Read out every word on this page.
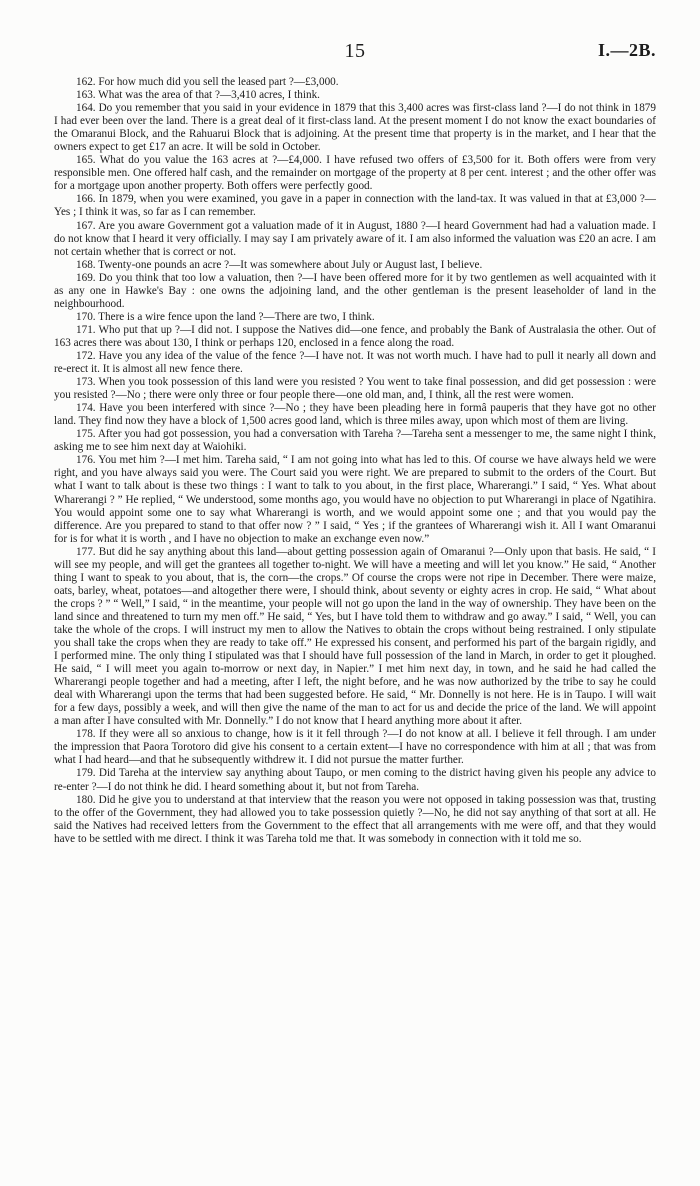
15	I.—2B.

162. For how much did you sell the leased part ?—£3,000.

163. What was the area of that ?—3,410 acres, I think.

164. Do you remember that you said in your evidence in 1879 that this 3,400 acres was first-class land ?—I do not think in 1879 I had ever been over the land. There is a great deal of it first-class land. At the present moment I do not know the exact boundaries of the Omaranui Block, and the Rahuarui Block that is adjoining. At the present time that property is in the market, and I hear that the owners expect to get £17 an acre. It will be sold in October.

165. What do you value the 163 acres at ?—£4,000. I have refused two offers of £3,500 for it. Both offers were from very responsible men. One offered half cash, and the remainder on mortgage of the property at 8 per cent. interest ; and the other offer was for a mortgage upon another property. Both offers were perfectly good.

166. In 1879, when you were examined, you gave in a paper in connection with the land-tax. It was valued in that at £3,000 ?—Yes ; I think it was, so far as I can remember.

167. Are you aware Government got a valuation made of it in August, 1880 ?—I heard Government had had a valuation made. I do not know that I heard it very officially. I may say I am privately aware of it. I am also informed the valuation was £20 an acre. I am not certain whether that is correct or not.

168. Twenty-one pounds an acre ?—It was somewhere about July or August last, I believe.

169. Do you think that too low a valuation, then ?—I have been offered more for it by two gentlemen as well acquainted with it as any one in Hawke's Bay : one owns the adjoining land, and the other gentleman is the present leaseholder of land in the neighbourhood.

170. There is a wire fence upon the land ?—There are two, I think.

171. Who put that up ?—I did not. I suppose the Natives did—one fence, and probably the Bank of Australasia the other. Out of 163 acres there was about 130, I think or perhaps 120, enclosed in a fence along the road.

172. Have you any idea of the value of the fence ?—I have not. It was not worth much. I have had to pull it nearly all down and re-erect it. It is almost all new fence there.

173. When you took possession of this land were you resisted ? You went to take final possession, and did get possession : were you resisted ?—No ; there were only three or four people there—one old man, and, I think, all the rest were women.

174. Have you been interfered with since ?—No ; they have been pleading here in formâ pauperis that they have got no other land. They find now they have a block of 1,500 acres good land, which is three miles away, upon which most of them are living.

175. After you had got possession, you had a conversation with Tareha ?—Tareha sent a messenger to me, the same night I think, asking me to see him next day at Waiohiki.

176. You met him ?—I met him. Tareha said, “ I am not going into what has led to this. Of course we have always held we were right, and you have always said you were. The Court said you were right. We are prepared to submit to the orders of the Court. But what I want to talk about is these two things : I want to talk to you about, in the first place, Wharerangi.” I said, “ Yes. What about Wharerangi ? ” He replied, “ We understood, some months ago, you would have no objection to put Wharerangi in place of Ngatihira. You would appoint some one to say what Wharerangi is worth, and we would appoint some one ; and that you would pay the difference. Are you prepared to stand to that offer now ? ” I said, “ Yes ; if the grantees of Wharerangi wish it. All I want Omaranui for is for what it is worth , and I have no objection to make an exchange even now.”

177. But did he say anything about this land—about getting possession again of Omaranui ?—Only upon that basis. He said, “ I will see my people, and will get the grantees all together to-night. We will have a meeting and will let you know.” He said, “ Another thing I want to speak to you about, that is, the corn—the crops.” Of course the crops were not ripe in December. There were maize, oats, barley, wheat, potatoes—and altogether there were, I should think, about seventy or eighty acres in crop. He said, “ What about the crops ? ” “ Well,” I said, “ in the meantime, your people will not go upon the land in the way of ownership. They have been on the land since and threatened to turn my men off.” He said, “ Yes, but I have told them to withdraw and go away.” I said, “ Well, you can take the whole of the crops. I will instruct my men to allow the Natives to obtain the crops without being restrained. I only stipulate you shall take the crops when they are ready to take off.” He expressed his consent, and performed his part of the bargain rigidly, and I performed mine. The only thing I stipulated was that I should have full possession of the land in March, in order to get it ploughed. He said, “ I will meet you again to-morrow or next day, in Napier.” I met him next day, in town, and he said he had called the Wharerangi people together and had a meeting, after I left, the night before, and he was now authorized by the tribe to say he could deal with Wharerangi upon the terms that had been suggested before. He said, “ Mr. Donnelly is not here. He is in Taupo. I will wait for a few days, possibly a week, and will then give the name of the man to act for us and decide the price of the land. We will appoint a man after I have consulted with Mr. Donnelly.” I do not know that I heard anything more about it after.

178. If they were all so anxious to change, how is it it fell through ?—I do not know at all. I believe it fell through. I am under the impression that Paora Torotoro did give his consent to a certain extent—I have no correspondence with him at all ; that was from what I had heard—and that he subsequently withdrew it. I did not pursue the matter further.

179. Did Tareha at the interview say anything about Taupo, or men coming to the district having given his people any advice to re-enter ?—I do not think he did. I heard something about it, but not from Tareha.

180. Did he give you to understand at that interview that the reason you were not opposed in taking possession was that, trusting to the offer of the Government, they had allowed you to take possession quietly ?—No, he did not say anything of that sort at all. He said the Natives had received letters from the Government to the effect that all arrangements with me were off, and that they would have to be settled with me direct. I think it was Tareha told me that. It was somebody in connection with it told me so.
